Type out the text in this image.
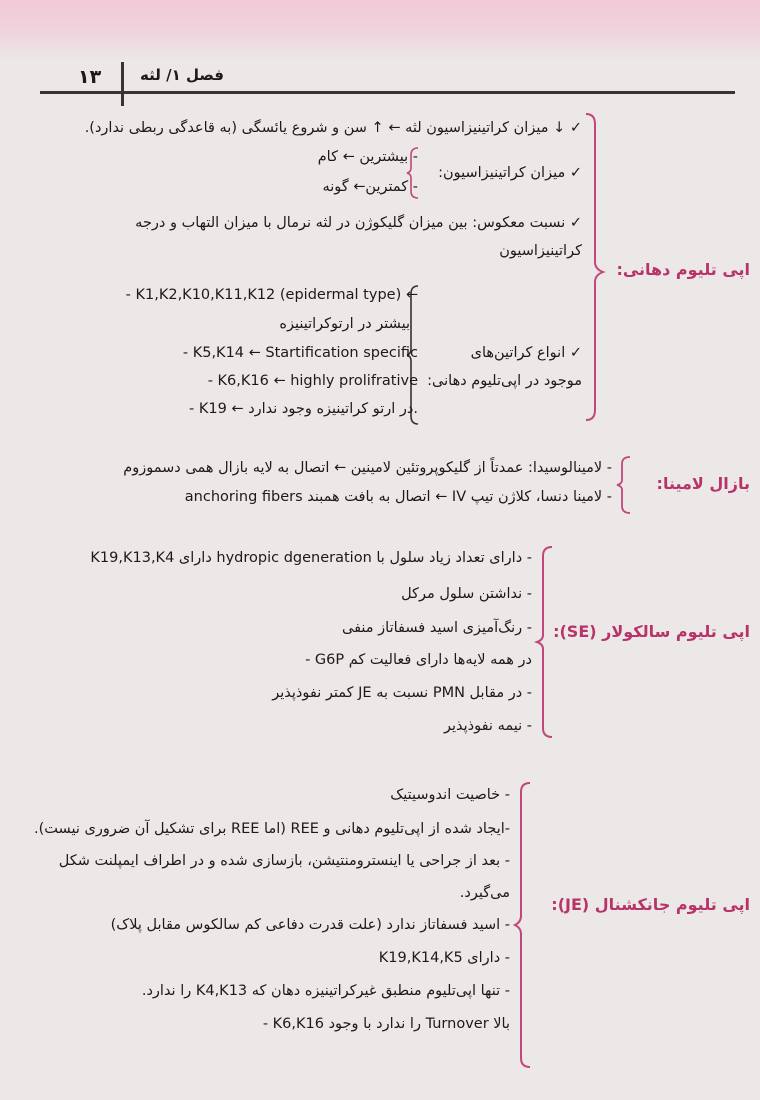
۱۳	فصل ۱/ لثه
اپی تلیوم دهانی:
✓ ↓ میزان کراتینیزاسیون لثه ← ↑ سن و شروع یائسگی (به قاعدگی ربطی ندارد).
✓ میزان کراتینیزاسیون:
- بیشترین ← کام
- کمترین← گونه
✓ نسبت معکوس: بین میزان گلیکوژن در لثه نرمال با میزان التهاب و درجه
کراتینیزاسیون
✓ انواع کراتین‌های
موجود در اپی‌تلیوم دهانی:
- K1,K2,K10,K11,K12 (epidermal type) ←
بیشتر در ارتوکراتینیزه
- K5,K14 ← Startification specific
- K6,K16 ← highly prolifrative
- K19 ← در ارتو کراتینیزه وجود ندارد.
بازال لامینا:
- لامینالوسیدا: عمدتاً از گلیکوپروتئین لامینین ← اتصال به لایه بازال همی دسموزوم
- لامینا دنسا، کلاژن تیپ IV ← اتصال به بافت همبند anchoring fibers
اپی تلیوم سالکولار (SE):
- دارای تعداد زیاد سلول با hydropic dgeneration دارای K19,K13,K4
- نداشتن سلول مرکل
- رنگ‌آمیزی اسید فسفاتاز منفی
- G6P در همه لایه‌ها دارای فعالیت کم
- در مقابل PMN نسبت به JE کمتر نفوذپذیر
- نیمه نفوذپذیر
اپی تلیوم جانکشنال (JE):
- خاصیت اندوسیتیک
-ایجاد شده از اپی‌تلیوم دهانی و REE (اما REE برای تشکیل آن ضروری نیست).
- بعد از جراحی یا اینسترومنتیشن، بازسازی شده و در اطراف ایمپلنت شکل
می‌گیرد.
- اسید فسفاتاز ندارد (علت قدرت دفاعی کم سالکوس مقابل پلاک)
- دارای K19,K14,K5
- تنها اپی‌تلیوم منطبق غیرکراتینیزه دهان که K4,K13 را ندارد.
- K6,K16 را ندارد با وجود Turnover بالا
